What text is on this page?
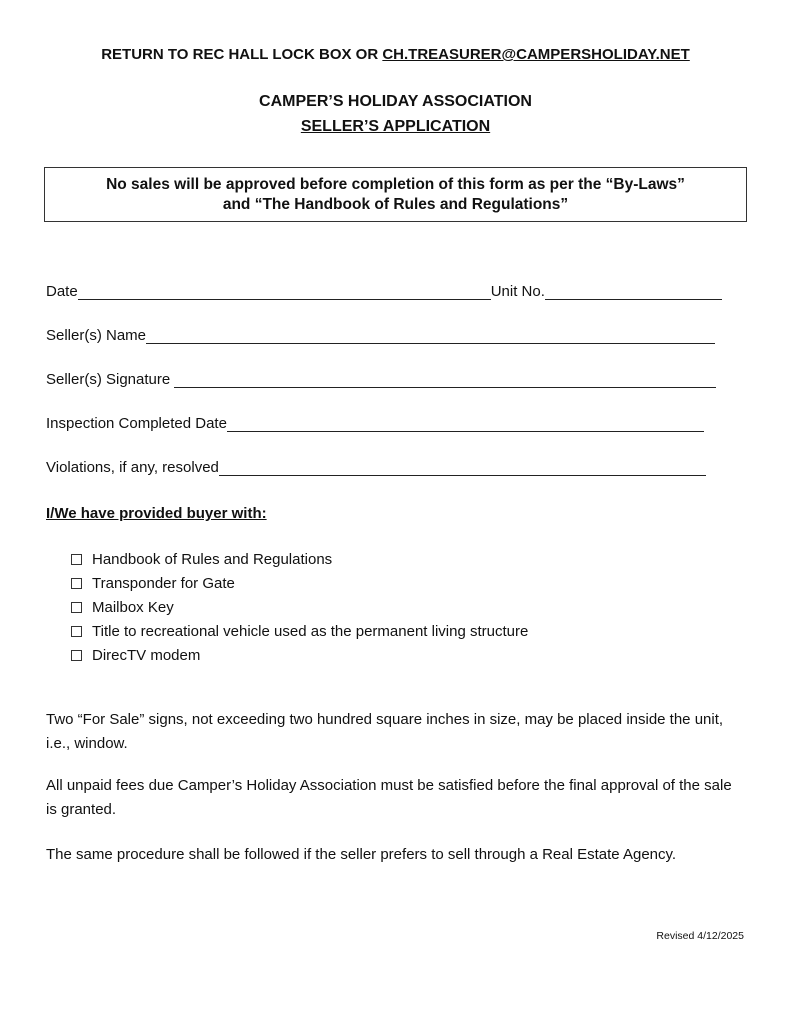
RETURN TO REC HALL LOCK BOX OR CH.TREASURER@CAMPERSHOLIDAY.NET
CAMPER’S HOLIDAY ASSOCIATION
SELLER’S APPLICATION
No sales will be approved before completion of this form as per the “By-Laws”
and “The Handbook of Rules and Regulations”
Date	Unit No.
Seller(s) Name
Seller(s) Signature
Inspection Completed Date
Violations, if any, resolved
I/We have provided buyer with:
Handbook of Rules and Regulations
Transponder for Gate
Mailbox Key
Title to recreational vehicle used as the permanent living structure
DirecTV modem
Two “For Sale” signs, not exceeding two hundred square inches in size, may be placed inside the unit, i.e., window.
All unpaid fees due Camper’s Holiday Association must be satisfied before the final approval of the sale is granted.
The same procedure shall be followed if the seller prefers to sell through a Real Estate Agency.
Revised 4/12/2025
